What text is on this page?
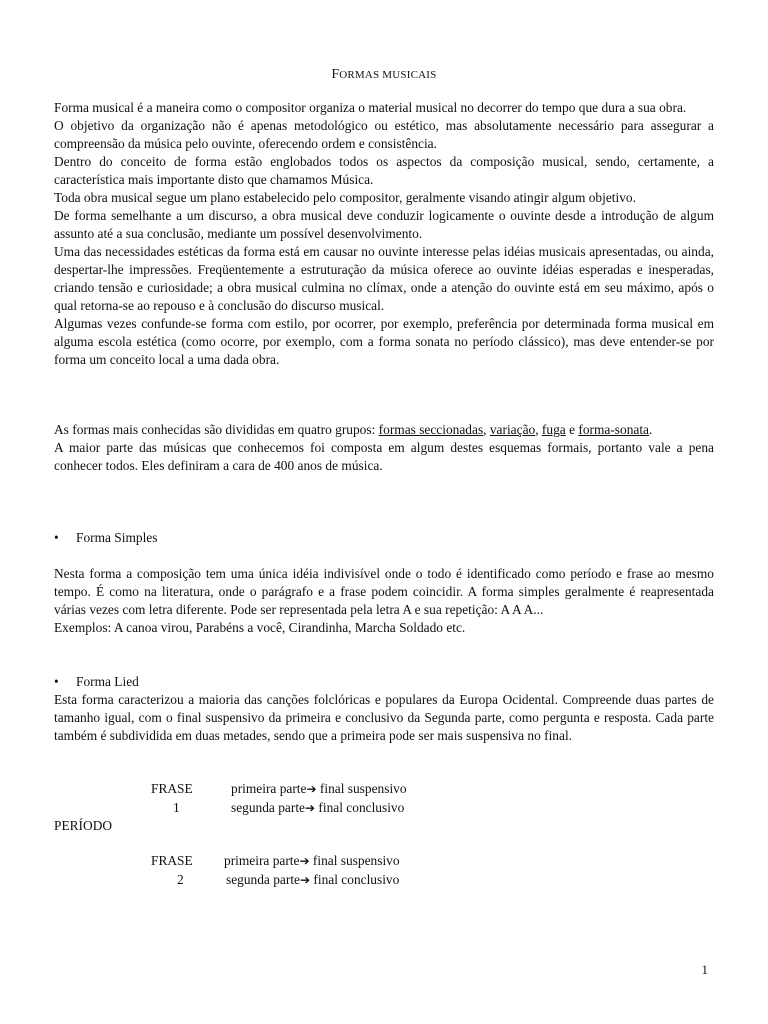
FORMAS MUSICAIS

Forma musical é a maneira como o compositor organiza o material musical no decorrer do tempo que dura a sua obra.

O objetivo da organização não é apenas metodológico ou estético, mas absolutamente necessário para assegurar a compreensão da música pelo ouvinte, oferecendo ordem e consistência.

Dentro do conceito de forma estão englobados todos os aspectos da composição musical, sendo, certamente, a característica mais importante disto que chamamos Música.

Toda obra musical segue um plano estabelecido pelo compositor, geralmente visando atingir algum objetivo.

De forma semelhante a um discurso, a obra musical deve conduzir logicamente o ouvinte desde a introdução de algum assunto até a sua conclusão, mediante um possível desenvolvimento.

Uma das necessidades estéticas da forma está em causar no ouvinte interesse pelas idéias musicais apresentadas, ou ainda, despertar-lhe impressões. Freqüentemente a estruturação da música oferece ao ouvinte idéias esperadas e inesperadas, criando tensão e curiosidade; a obra musical culmina no clímax, onde a atenção do ouvinte está em seu máximo, após o qual retorna-se ao repouso e à conclusão do discurso musical.

Algumas vezes confunde-se forma com estilo, por ocorrer, por exemplo, preferência por determinada forma musical em alguma escola estética (como ocorre, por exemplo, com a forma sonata no período clássico), mas deve entender-se por forma um conceito local a uma dada obra.

As formas mais conhecidas são divididas em quatro grupos: formas seccionadas, variação, fuga e forma-sonata.

A maior parte das músicas que conhecemos foi composta em algum destes esquemas formais, portanto vale a pena conhecer todos. Eles definiram a cara de 400 anos de música.

• Forma Simples

Nesta forma a composição tem uma única idéia indivisível onde o todo é identificado como período e frase ao mesmo tempo. É como na literatura, onde o parágrafo e a frase podem coincidir. A forma simples geralmente é reapresentada várias vezes com letra diferente. Pode ser representada pela letra A e sua repetição: A A A...

Exemplos: A canoa virou, Parabéns a você, Cirandinha, Marcha Soldado etc.

• Forma Lied

Esta forma caracterizou a maioria das canções folclóricas e populares da Europa Ocidental. Compreende duas partes de tamanho igual, com o final suspensivo da primeira e conclusivo da Segunda parte, como pergunta e resposta. Cada parte também é subdividida em duas metades, sendo que a primeira pode ser mais suspensiva no final.

FRASE
1
primeira parte➔ final suspensivo
segunda parte➔ final conclusivo
PERÍODO
FRASE
2
primeira parte➔ final suspensivo
segunda parte➔ final conclusivo
1
